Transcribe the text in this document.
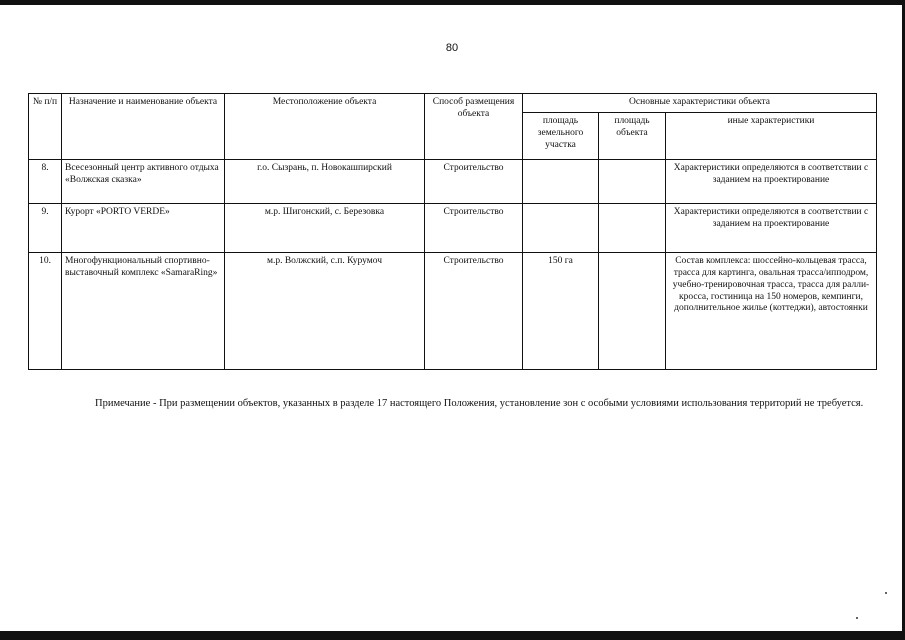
80
№ п/п	Назначение и наименование объекта	Местоположение объекта	Способ размещения объекта	Основные характеристики объекта		
				площадь земельного участка	площадь объекта	иные характеристики
8.	Всесезонный центр активного отдыха «Волжская сказка»	г.о. Сызрань, п. Новокашпирский	Строительство			Характеристики определяются в соответствии с заданием на проектирование
9.	Курорт «PORTO VERDE»	м.р. Шигонский, с. Березовка	Строительство			Характеристики определяются в соответствии с заданием на проектирование
10.	Многофункциональный спортивно-выставочный комплекс «SamaraRing»	м.р. Волжский, с.п. Курумоч	Строительство	150 га		Состав комплекса: шоссейно-кольцевая трасса, трасса для картинга, овальная трасса/ипподром, учебно-тренировочная трасса, трасса для ралли-кросса, гостиница на 150 номеров, кемпинги, дополнительное жилье (коттеджи), автостоянки
Примечание - При размещении объектов, указанных в разделе 17 настоящего Положения, установление зон с особыми условиями использования территорий не требуется.
